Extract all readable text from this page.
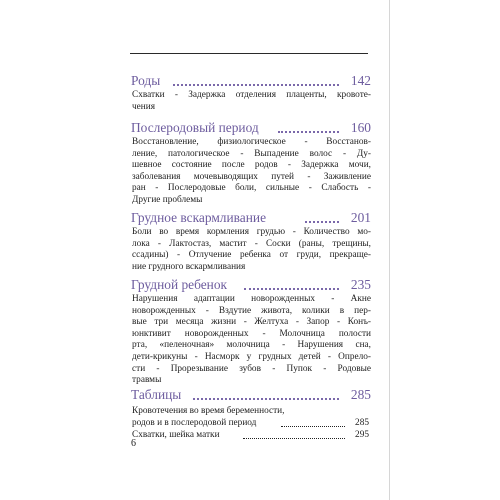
Роды	142
Схватки - Задержка отделения плаценты, кровоте-
чения
Послеродовый период	160
Восстановление, физиологическое - Восстанов-
ление, патологическое - Выпадение волос - Ду-
шевное состояние после родов - Задержка мочи,
заболевания мочевыводящих путей - Заживление
ран - Послеродовые боли, сильные - Слабость -
Другие проблемы
Грудное вскармливание	201
Боли во время кормления грудью - Количество мо-
лока - Лактостаз, мастит - Соски (раны, трещины,
ссадины) - Отлучение ребенка от груди, прекраще-
ние грудного вскармливания
Грудной ребенок	235
Нарушения адаптации новорожденных - Акне
новорожденных - Вздутие живота, колики в пер-
вые три месяца жизни - Желтуха - Запор - Конъ-
юнктивит новорожденных - Молочница полости
рта, «пеленочная» молочница - Нарушения сна,
дети-крикуны - Насморк у грудных детей - Опрело-
сти - Прорезывание зубов - Пупок - Родовые
травмы
Таблицы	285
Кровотечения во время беременности,
родов и в послеродовой период	285
Схватки, шейка матки	295
6
